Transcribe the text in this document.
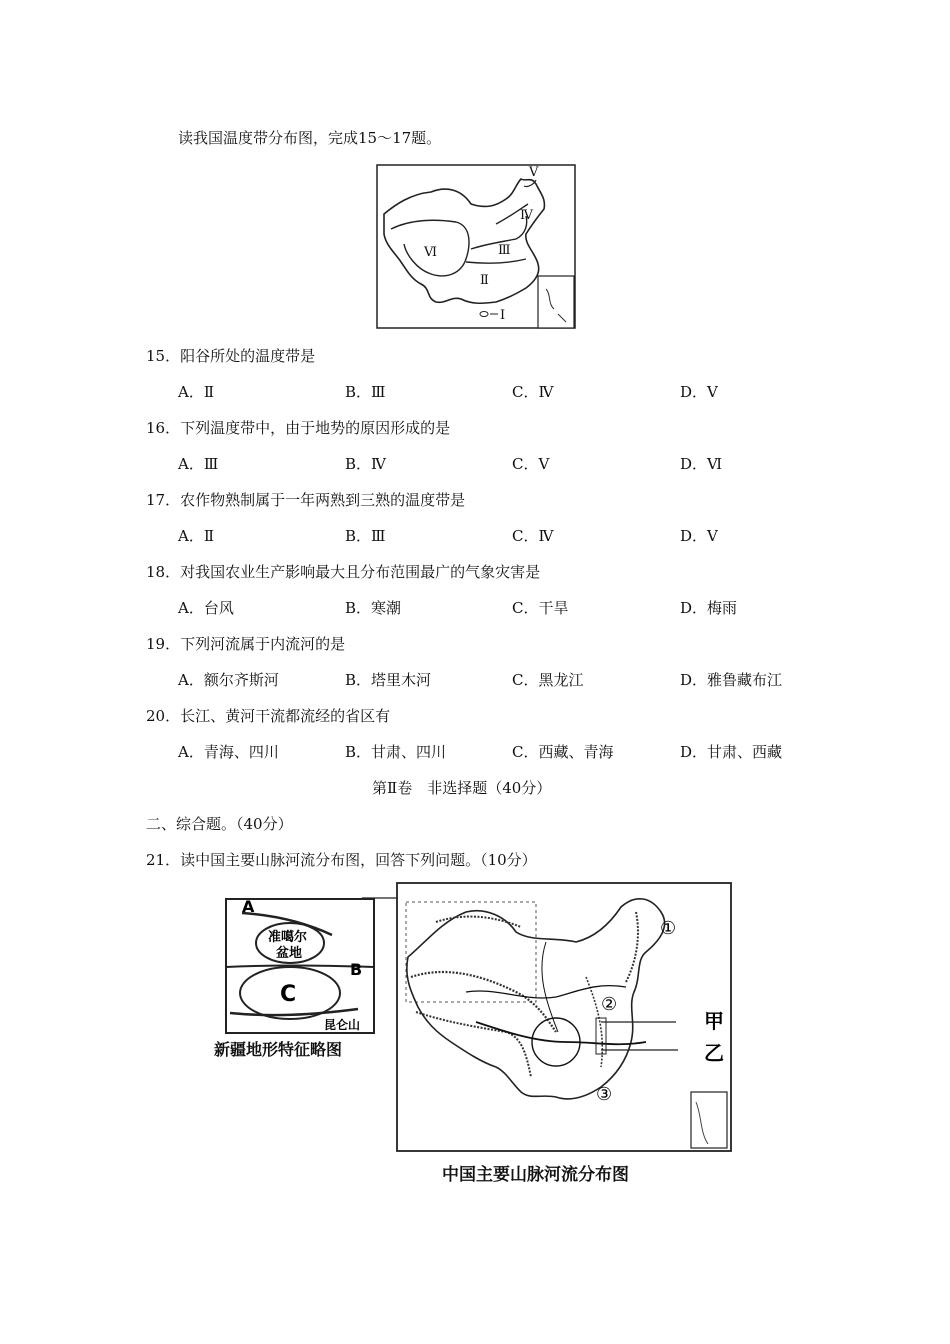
读我国温度带分布图，完成15～17题。
Ⅰ
Ⅱ
Ⅲ
Ⅳ
Ⅴ
Ⅵ
15．阳谷所处的温度带是
A．Ⅱ	B．Ⅲ	C．Ⅳ	D．Ⅴ
16．下列温度带中，由于地势的原因形成的是
A．Ⅲ	B．Ⅳ	C．Ⅴ	D．Ⅵ
17．农作物熟制属于一年两熟到三熟的温度带是
A．Ⅱ	B．Ⅲ	C．Ⅳ	D．Ⅴ
18．对我国农业生产影响最大且分布范围最广的气象灾害是
A．台风	B．寒潮	C．干旱	D．梅雨
19．下列河流属于内流河的是
A．额尔齐斯河	B．塔里木河	C．黑龙江	D．雅鲁藏布江
20．长江、黄河干流都流经的省区有
A．青海、四川	B．甘肃、四川	C．西藏、青海	D．甘肃、西藏
第Ⅱ卷　非选择题（40分）
二、综合题。（40分）
21．读中国主要山脉河流分布图，回答下列问题。（10分）
A
B
C
准噶尔
盆地
昆仑山
新疆地形特征略图
①
②
③
甲
乙
中国主要山脉河流分布图
